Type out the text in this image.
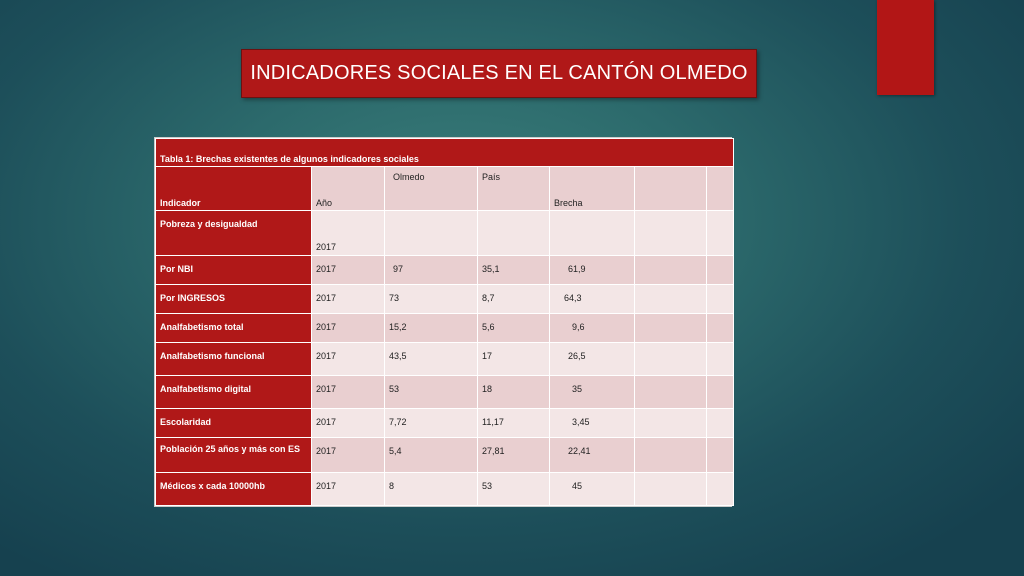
INDICADORES SOCIALES EN EL CANTÓN OLMEDO
Tabla 1: Brechas existentes de algunos indicadores sociales						
Indicador	Año	Olmedo	País	Brecha		
Pobreza y desigualdad	2017					
Por NBI	2017	97	35,1	61,9		
Por INGRESOS	2017	73	8,7	64,3		
Analfabetismo total	2017	15,2	5,6	9,6		
Analfabetismo funcional	2017	43,5	17	26,5		
Analfabetismo digital	2017	53	18	35		
Escolaridad	2017	7,72	11,17	3,45		
Población 25 años y más con ES	2017	5,4	27,81	22,41		
Médicos x cada 10000hb	2017	8	53	45		
